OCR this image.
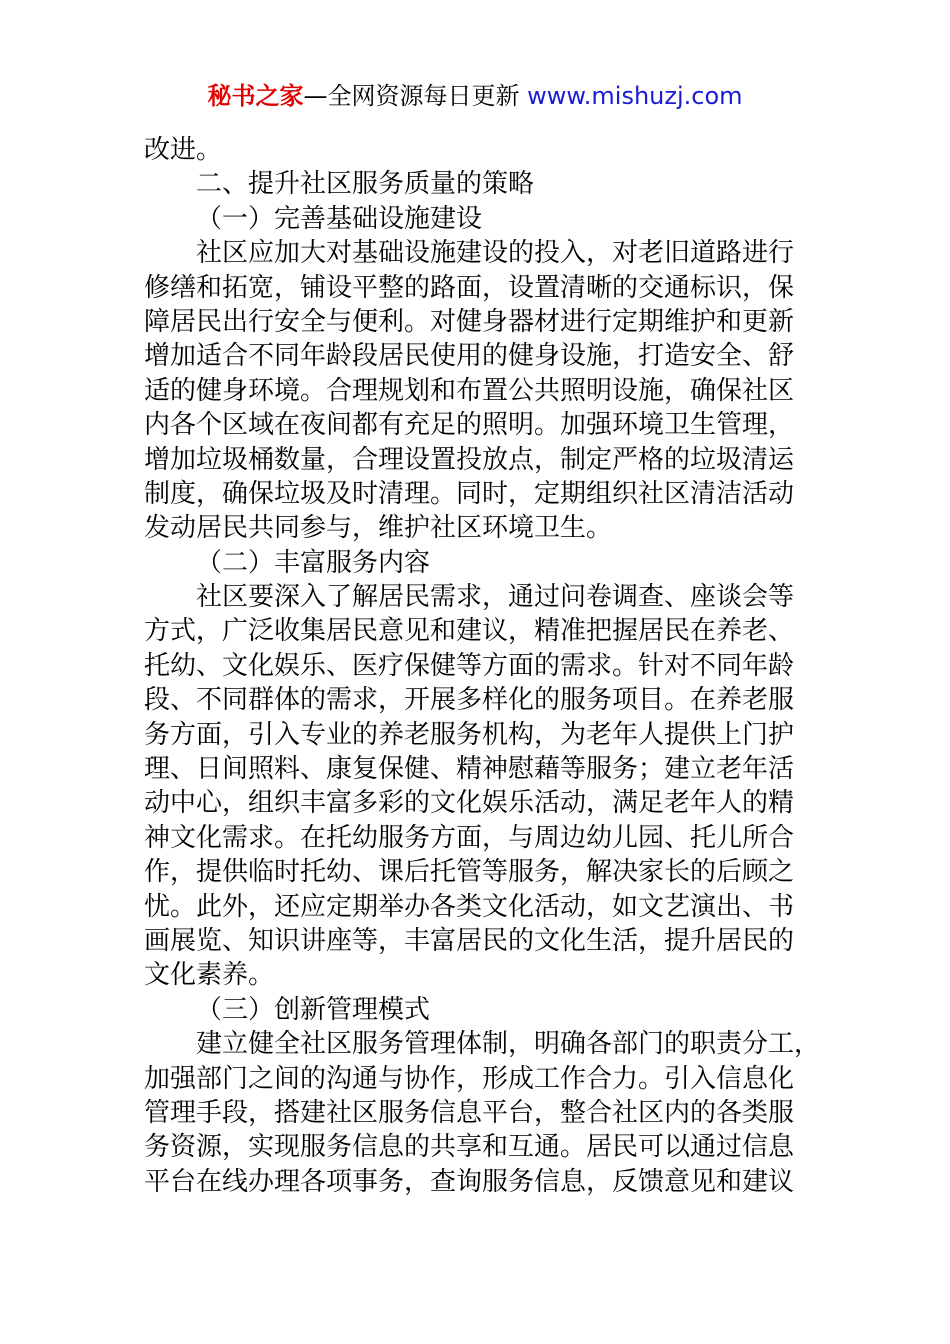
秘书之家—全网资源每日更新 www.mishuzj.com
改进。
二、提升社区服务质量的策略
（一）完善基础设施建设
社区应加大对基础设施建设的投入，对老旧道路进行
修缮和拓宽，铺设平整的路面，设置清晰的交通标识，保
障居民出行安全与便利。对健身器材进行定期维护和更新
增加适合不同年龄段居民使用的健身设施，打造安全、舒
适的健身环境。合理规划和布置公共照明设施，确保社区
内各个区域在夜间都有充足的照明。加强环境卫生管理，
增加垃圾桶数量，合理设置投放点，制定严格的垃圾清运
制度，确保垃圾及时清理。同时，定期组织社区清洁活动
发动居民共同参与，维护社区环境卫生。
（二）丰富服务内容
社区要深入了解居民需求，通过问卷调查、座谈会等
方式，广泛收集居民意见和建议，精准把握居民在养老、
托幼、文化娱乐、医疗保健等方面的需求。针对不同年龄
段、不同群体的需求，开展多样化的服务项目。在养老服
务方面，引入专业的养老服务机构，为老年人提供上门护
理、日间照料、康复保健、精神慰藉等服务；建立老年活
动中心，组织丰富多彩的文化娱乐活动，满足老年人的精
神文化需求。在托幼服务方面，与周边幼儿园、托儿所合
作，提供临时托幼、课后托管等服务，解决家长的后顾之
忧。此外，还应定期举办各类文化活动，如文艺演出、书
画展览、知识讲座等，丰富居民的文化生活，提升居民的
文化素养。
（三）创新管理模式
建立健全社区服务管理体制，明确各部门的职责分工，
加强部门之间的沟通与协作，形成工作合力。引入信息化
管理手段，搭建社区服务信息平台，整合社区内的各类服
务资源，实现服务信息的共享和互通。居民可以通过信息
平台在线办理各项事务，查询服务信息，反馈意见和建议
